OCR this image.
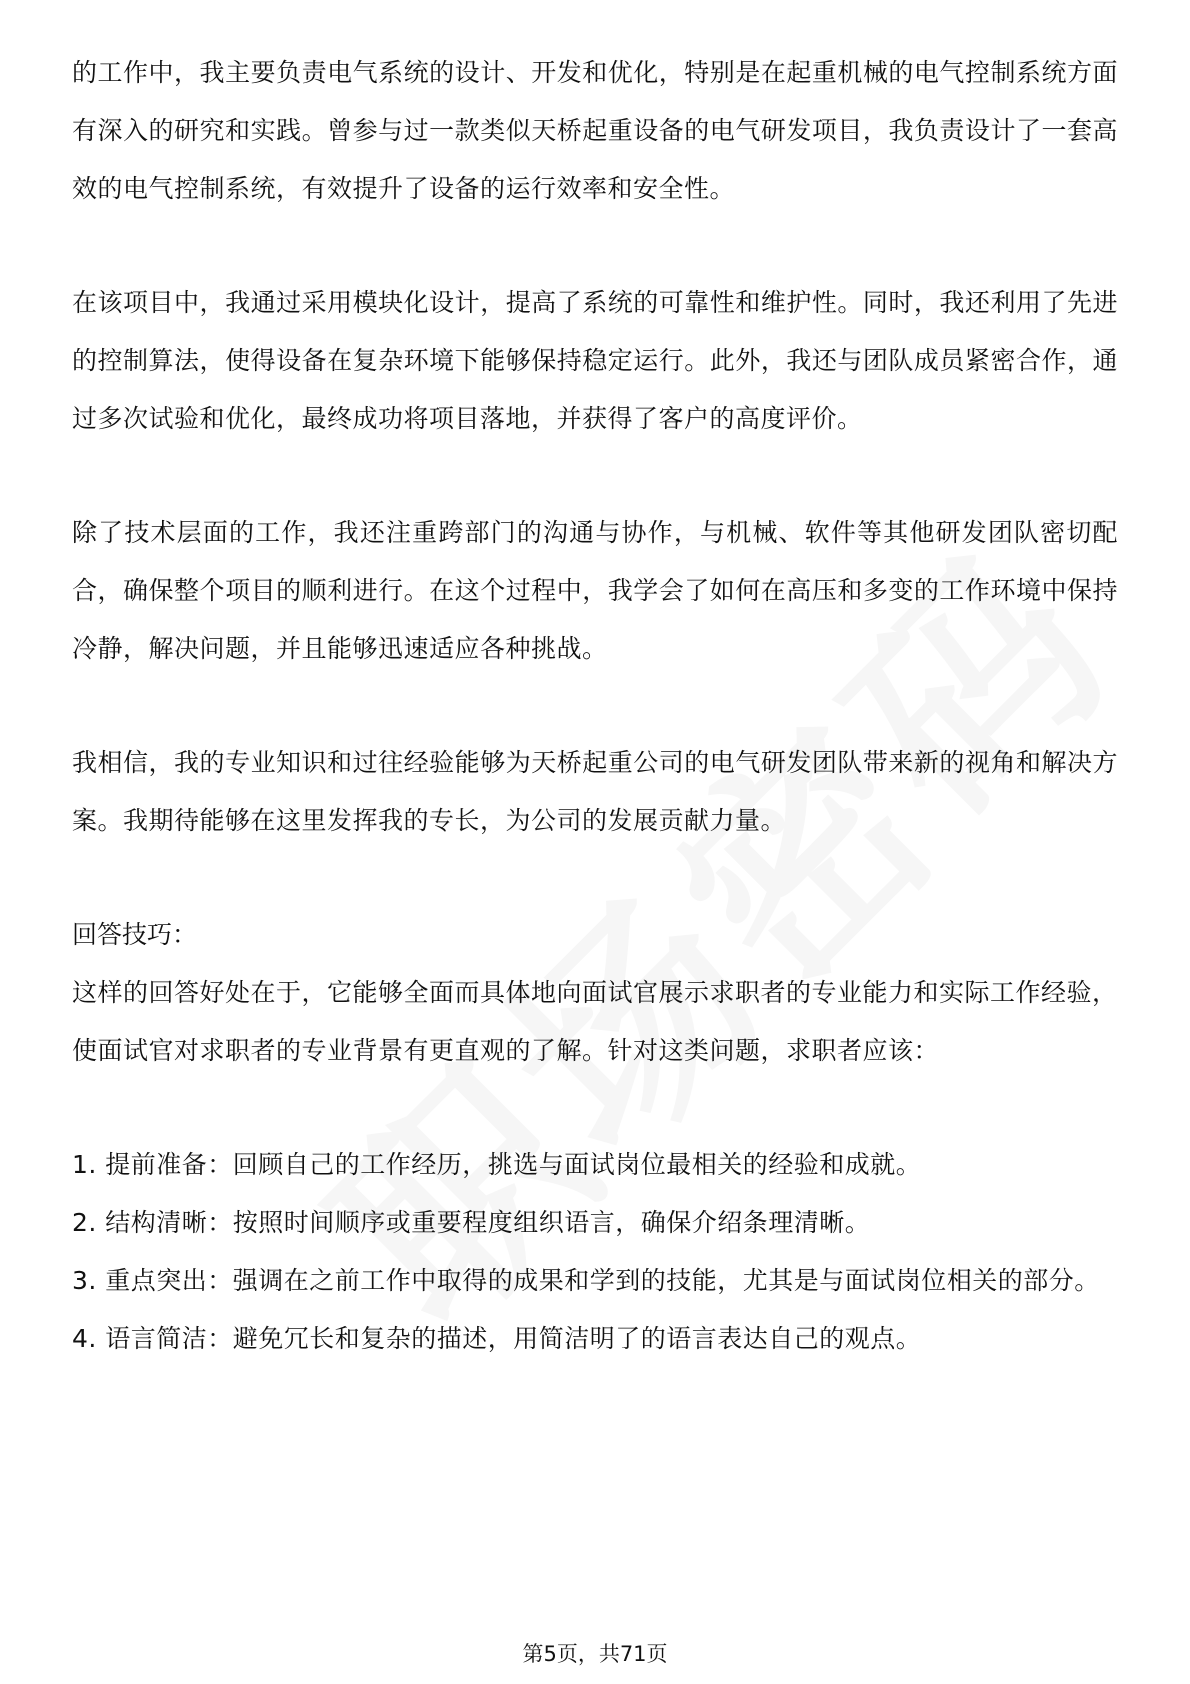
的工作中，我主要负责电气系统的设计、开发和优化，特别是在起重机械的电气控制系统方面有深入的研究和实践。曾参与过一款类似天桥起重设备的电气研发项目，我负责设计了一套高效的电气控制系统，有效提升了设备的运行效率和安全性。

在该项目中，我通过采用模块化设计，提高了系统的可靠性和维护性。同时，我还利用了先进的控制算法，使得设备在复杂环境下能够保持稳定运行。此外，我还与团队成员紧密合作，通过多次试验和优化，最终成功将项目落地，并获得了客户的高度评价。

除了技术层面的工作，我还注重跨部门的沟通与协作，与机械、软件等其他研发团队密切配合，确保整个项目的顺利进行。在这个过程中，我学会了如何在高压和多变的工作环境中保持冷静，解决问题，并且能够迅速适应各种挑战。

我相信，我的专业知识和过往经验能够为天桥起重公司的电气研发团队带来新的视角和解决方案。我期待能够在这里发挥我的专长，为公司的发展贡献力量。

回答技巧：

这样的回答好处在于，它能够全面而具体地向面试官展示求职者的专业能力和实际工作经验，使面试官对求职者的专业背景有更直观的了解。针对这类问题，求职者应该：

1. 提前准备：回顾自己的工作经历，挑选与面试岗位最相关的经验和成就。
2. 结构清晰：按照时间顺序或重要程度组织语言，确保介绍条理清晰。
3. 重点突出：强调在之前工作中取得的成果和学到的技能，尤其是与面试岗位相关的部分。
4. 语言简洁：避免冗长和复杂的描述，用简洁明了的语言表达自己的观点。
第5页，共71页
